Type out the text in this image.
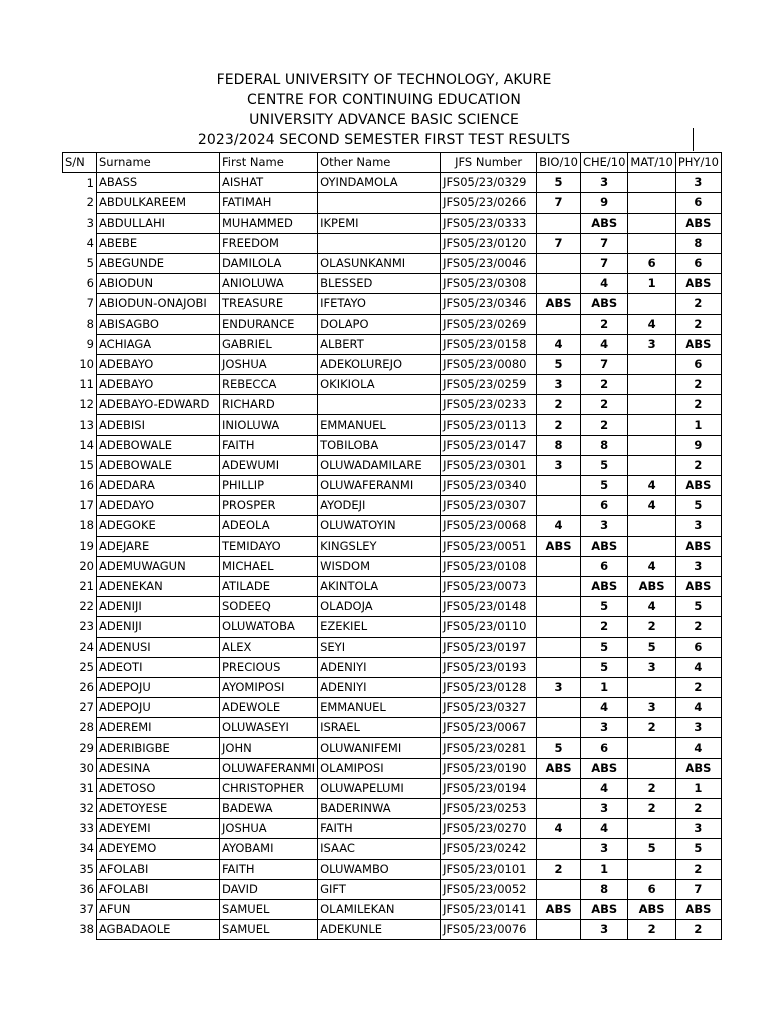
FEDERAL UNIVERSITY OF TECHNOLOGY, AKURE
CENTRE FOR CONTINUING EDUCATION
UNIVERSITY ADVANCE BASIC SCIENCE
2023/2024 SECOND SEMESTER FIRST TEST RESULTS
S/N	Surname	First Name	Other Name	JFS Number	BIO/10	CHE/10	MAT/10	PHY/10
1	ABASS	AISHAT	OYINDAMOLA	JFS05/23/0329	5	3		3
2	ABDULKAREEM	FATIMAH		JFS05/23/0266	7	9		6
3	ABDULLAHI	MUHAMMED	IKPEMI	JFS05/23/0333		ABS		ABS
4	ABEBE	FREEDOM		JFS05/23/0120	7	7		8
5	ABEGUNDE	DAMILOLA	OLASUNKANMI	JFS05/23/0046		7	6	6
6	ABIODUN	ANIOLUWA	BLESSED	JFS05/23/0308		4	1	ABS
7	ABIODUN-ONAJOBI	TREASURE	IFETAYO	JFS05/23/0346	ABS	ABS		2
8	ABISAGBO	ENDURANCE	DOLAPO	JFS05/23/0269		2	4	2
9	ACHIAGA	GABRIEL	ALBERT	JFS05/23/0158	4	4	3	ABS
10	ADEBAYO	JOSHUA	ADEKOLUREJO	JFS05/23/0080	5	7		6
11	ADEBAYO	REBECCA	OKIKIOLA	JFS05/23/0259	3	2		2
12	ADEBAYO-EDWARD	RICHARD		JFS05/23/0233	2	2		2
13	ADEBISI	INIOLUWA	EMMANUEL	JFS05/23/0113	2	2		1
14	ADEBOWALE	FAITH	TOBILOBA	JFS05/23/0147	8	8		9
15	ADEBOWALE	ADEWUMI	OLUWADAMILARE	JFS05/23/0301	3	5		2
16	ADEDARA	PHILLIP	OLUWAFERANMI	JFS05/23/0340		5	4	ABS
17	ADEDAYO	PROSPER	AYODEJI	JFS05/23/0307		6	4	5
18	ADEGOKE	ADEOLA	OLUWATOYIN	JFS05/23/0068	4	3		3
19	ADEJARE	TEMIDAYO	KINGSLEY	JFS05/23/0051	ABS	ABS		ABS
20	ADEMUWAGUN	MICHAEL	WISDOM	JFS05/23/0108		6	4	3
21	ADENEKAN	ATILADE	AKINTOLA	JFS05/23/0073		ABS	ABS	ABS
22	ADENIJI	SODEEQ	OLADOJA	JFS05/23/0148		5	4	5
23	ADENIJI	OLUWATOBA	EZEKIEL	JFS05/23/0110		2	2	2
24	ADENUSI	ALEX	SEYI	JFS05/23/0197		5	5	6
25	ADEOTI	PRECIOUS	ADENIYI	JFS05/23/0193		5	3	4
26	ADEPOJU	AYOMIPOSI	ADENIYI	JFS05/23/0128	3	1		2
27	ADEPOJU	ADEWOLE	EMMANUEL	JFS05/23/0327		4	3	4
28	ADEREMI	OLUWASEYI	ISRAEL	JFS05/23/0067		3	2	3
29	ADERIBIGBE	JOHN	OLUWANIFEMI	JFS05/23/0281	5	6		4
30	ADESINA	OLUWAFERANMI	OLAMIPOSI	JFS05/23/0190	ABS	ABS		ABS
31	ADETOSO	CHRISTOPHER	OLUWAPELUMI	JFS05/23/0194		4	2	1
32	ADETOYESE	BADEWA	BADERINWA	JFS05/23/0253		3	2	2
33	ADEYEMI	JOSHUA	FAITH	JFS05/23/0270	4	4		3
34	ADEYEMO	AYOBAMI	ISAAC	JFS05/23/0242		3	5	5
35	AFOLABI	FAITH	OLUWAMBO	JFS05/23/0101	2	1		2
36	AFOLABI	DAVID	GIFT	JFS05/23/0052		8	6	7
37	AFUN	SAMUEL	OLAMILEKAN	JFS05/23/0141	ABS	ABS	ABS	ABS
38	AGBADAOLE	SAMUEL	ADEKUNLE	JFS05/23/0076		3	2	2
